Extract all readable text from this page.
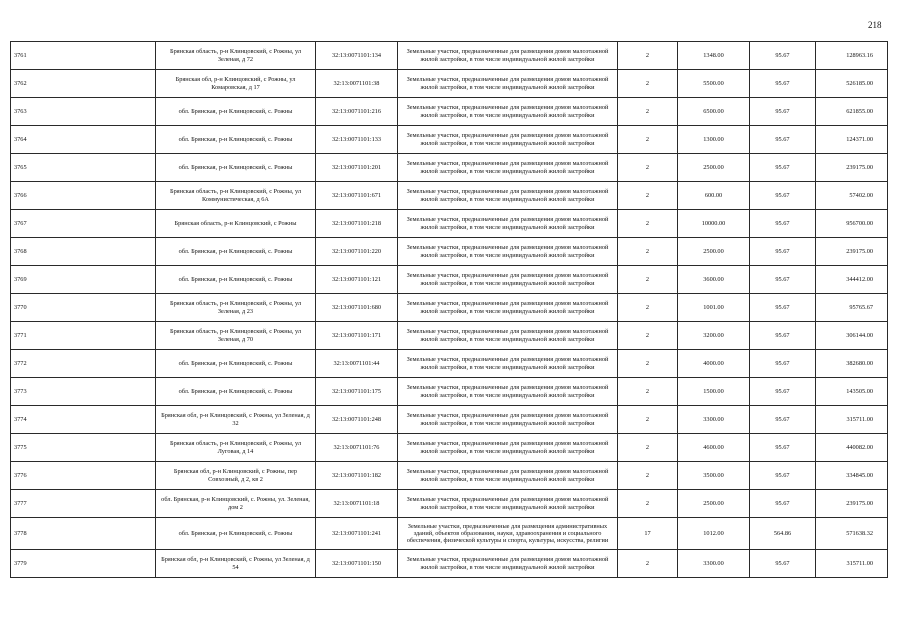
218
3761	Брянская область, р-н Клинцовский, с Рожны, ул Зеленая, д 72	32:13:0071101:134	Земельные участки, предназначенные для размещения домов малоэтажной жилой застройки, в том числе индивидуальной жилой застройки	2	1348.00	95.67	128963.16
3762	Брянская обл, р-н Клинцовский, с Рожны, ул Комаровская, д 17	32:13:0071101:38	Земельные участки, предназначенные для размещения домов малоэтажной жилой застройки, в том числе индивидуальной жилой застройки	2	5500.00	95.67	526185.00
3763	обл. Брянская, р-н Клинцовский, с. Рожны	32:13:0071101:216	Земельные участки, предназначенные для размещения домов малоэтажной жилой застройки, в том числе индивидуальной жилой застройки	2	6500.00	95.67	621855.00
3764	обл. Брянская, р-н Клинцовский, с. Рожны	32:13:0071101:133	Земельные участки, предназначенные для размещения домов малоэтажной жилой застройки, в том числе индивидуальной жилой застройки	2	1300.00	95.67	124371.00
3765	обл. Брянская, р-н Клинцовский, с. Рожны	32:13:0071101:201	Земельные участки, предназначенные для размещения домов малоэтажной жилой застройки, в том числе индивидуальной жилой застройки	2	2500.00	95.67	239175.00
3766	Брянская область, р-н Клинцовский, с Рожны, ул Коммунистическая, д 6А	32:13:0071101:671	Земельные участки, предназначенные для размещения домов малоэтажной жилой застройки, в том числе индивидуальной жилой застройки	2	600.00	95.67	57402.00
3767	Брянская область, р-н Клинцовский, с Рожны	32:13:0071101:218	Земельные участки, предназначенные для размещения домов малоэтажной жилой застройки, в том числе индивидуальной жилой застройки	2	10000.00	95.67	956700.00
3768	обл. Брянская, р-н Клинцовский, с. Рожны	32:13:0071101:220	Земельные участки, предназначенные для размещения домов малоэтажной жилой застройки, в том числе индивидуальной жилой застройки	2	2500.00	95.67	239175.00
3769	обл. Брянская, р-н Клинцовский, с. Рожны	32:13:0071101:121	Земельные участки, предназначенные для размещения домов малоэтажной жилой застройки, в том числе индивидуальной жилой застройки	2	3600.00	95.67	344412.00
3770	Брянская область, р-н Клинцовский, с Рожны, ул Зеленая, д 23	32:13:0071101:680	Земельные участки, предназначенные для размещения домов малоэтажной жилой застройки, в том числе индивидуальной жилой застройки	2	1001.00	95.67	95765.67
3771	Брянская область, р-н Клинцовский, с Рожны, ул Зеленая, д 70	32:13:0071101:171	Земельные участки, предназначенные для размещения домов малоэтажной жилой застройки, в том числе индивидуальной жилой застройки	2	3200.00	95.67	306144.00
3772	обл. Брянская, р-н Клинцовский, с. Рожны	32:13:0071101:44	Земельные участки, предназначенные для размещения домов малоэтажной жилой застройки, в том числе индивидуальной жилой застройки	2	4000.00	95.67	382680.00
3773	обл. Брянская, р-н Клинцовский, с. Рожны	32:13:0071101:175	Земельные участки, предназначенные для размещения домов малоэтажной жилой застройки, в том числе индивидуальной жилой застройки	2	1500.00	95.67	143505.00
3774	Брянская обл, р-н Клинцовский, с Рожны, ул Зеленая, д 32	32:13:0071101:248	Земельные участки, предназначенные для размещения домов малоэтажной жилой застройки, в том числе индивидуальной жилой застройки	2	3300.00	95.67	315711.00
3775	Брянская область, р-н Клинцовский, с Рожны, ул Луговая, д 14	32:13:0071101:76	Земельные участки, предназначенные для размещения домов малоэтажной жилой застройки, в том числе индивидуальной жилой застройки	2	4600.00	95.67	440082.00
3776	Брянская обл, р-н Клинцовский, с Рожны, пер Совхозный, д 2, кв 2	32:13:0071101:182	Земельные участки, предназначенные для размещения домов малоэтажной жилой застройки, в том числе индивидуальной жилой застройки	2	3500.00	95.67	334845.00
3777	обл. Брянская, р-н Клинцовский, с. Рожны, ул. Зеленая, дом 2	32:13:0071101:18	Земельные участки, предназначенные для размещения домов малоэтажной жилой застройки, в том числе индивидуальной жилой застройки	2	2500.00	95.67	239175.00
3778	обл. Брянская, р-н Клинцовский, с. Рожны	32:13:0071101:241	Земельные участки, предназначенные для размещения административных зданий, объектов образования, науки, здравоохранения и социального обеспечения, физической культуры и спорта, культуры, искусства, религии	17	1012.00	564.86	571638.32
3779	Брянская обл, р-н Клинцовский, с Рожны, ул Зеленая, д 54	32:13:0071101:150	Земельные участки, предназначенные для размещения домов малоэтажной жилой застройки, в том числе индивидуальной жилой застройки	2	3300.00	95.67	315711.00
